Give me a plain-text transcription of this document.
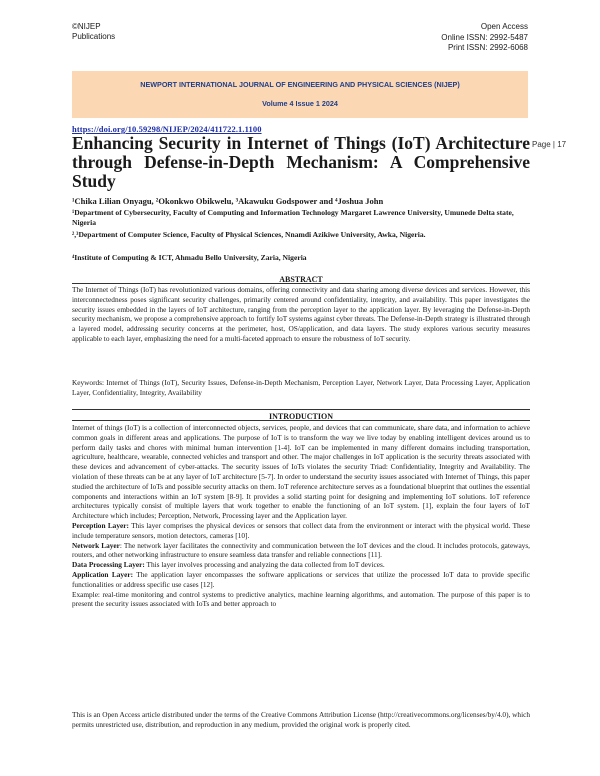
©NIJEP
Publications
Open Access
Online ISSN: 2992-5487
Print ISSN: 2992-6068
NEWPORT INTERNATIONAL JOURNAL OF ENGINEERING AND PHYSICAL SCIENCES (NIJEP)
Volume 4 Issue 1 2024
https://doi.org/10.59298/NIJEP/2024/411722.1.1100
Page | 17
Enhancing Security in Internet of Things (IoT) Architecture through Defense-in-Depth Mechanism: A Comprehensive Study
¹Chika Lilian Onyagu, ²Okonkwo Obikwelu, ³Akawuku Godspower and ⁴Joshua John
¹Department of Cybersecurity, Faculty of Computing and Information Technology Margaret Lawrence University, Umunede Delta state, Nigeria
²,³Department of Computer Science, Faculty of Physical Sciences, Nnamdi Azikiwe University, Awka, Nigeria.
⁴Institute of Computing & ICT, Ahmadu Bello University, Zaria, Nigeria
ABSTRACT
The Internet of Things (IoT) has revolutionized various domains, offering connectivity and data sharing among diverse devices and services. However, this interconnectedness poses significant security challenges, primarily centered around confidentiality, integrity, and availability. This paper investigates the security issues embedded in the layers of IoT architecture, ranging from the perception layer to the application layer. By leveraging the Defense-in-Depth security mechanism, we propose a comprehensive approach to fortify IoT systems against cyber threats. The Defense-in-Depth strategy is illustrated through a layered model, addressing security concerns at the perimeter, host, OS/application, and data layers. The study explores various security measures applicable to each layer, emphasizing the need for a multi-faceted approach to ensure the robustness of IoT security.
Keywords: Internet of Things (IoT), Security Issues, Defense-in-Depth Mechanism, Perception Layer, Network Layer, Data Processing Layer, Application Layer, Confidentiality, Integrity, Availability
INTRODUCTION

Internet of things (IoT) is a collection of interconnected objects, services, people, and devices that can communicate, share data, and information to achieve common goals in different areas and applications. The purpose of IoT is to transform the way we live today by enabling intelligent devices around us to perform daily tasks and chores with minimal human intervention [1-4]. IoT can be implemented in many different domains including transportation, agriculture, healthcare, wearable, connected vehicles and transport and other. The major challenges in IoT application is the security threats associated with these devices and advancement of cyber-attacks. The security issues of IoTs violates the security Triad: Confidentiality, Integrity and Availability. The violation of these threats can be at any layer of IoT architecture [5-7]. In order to understand the security issues associated with Internet of Things, this paper studied the architecture of IoTs and possible security attacks on them. IoT reference architecture serves as a foundational blueprint that outlines the essential components and interactions within an IoT system [8-9]. It provides a solid starting point for designing and implementing IoT solutions. IoT reference architectures typically consist of multiple layers that work together to enable the functioning of an IoT system. [1], explain the four layers of IoT Architecture which includes; Perception, Network, Processing layer and the Application layer.

Perception Layer: This layer comprises the physical devices or sensors that collect data from the environment or interact with the physical world. These include temperature sensors, motion detectors, cameras [10].

Network Layer: The network layer facilitates the connectivity and communication between the IoT devices and the cloud. It includes protocols, gateways, routers, and other networking infrastructure to ensure seamless data transfer and reliable connections [11].

Data Processing Layer: This layer involves processing and analyzing the data collected from IoT devices.

Application Layer: The application layer encompasses the software applications or services that utilize the processed IoT data to provide specific functionalities or address specific use cases [12].

Example: real-time monitoring and control systems to predictive analytics, machine learning algorithms, and automation. The purpose of this paper is to present the security issues associated with IoTs and better approach to

This is an Open Access article distributed under the terms of the Creative Commons Attribution License (http://creativecommons.org/licenses/by/4.0), which permits unrestricted use, distribution, and reproduction in any medium, provided the original work is properly cited.
